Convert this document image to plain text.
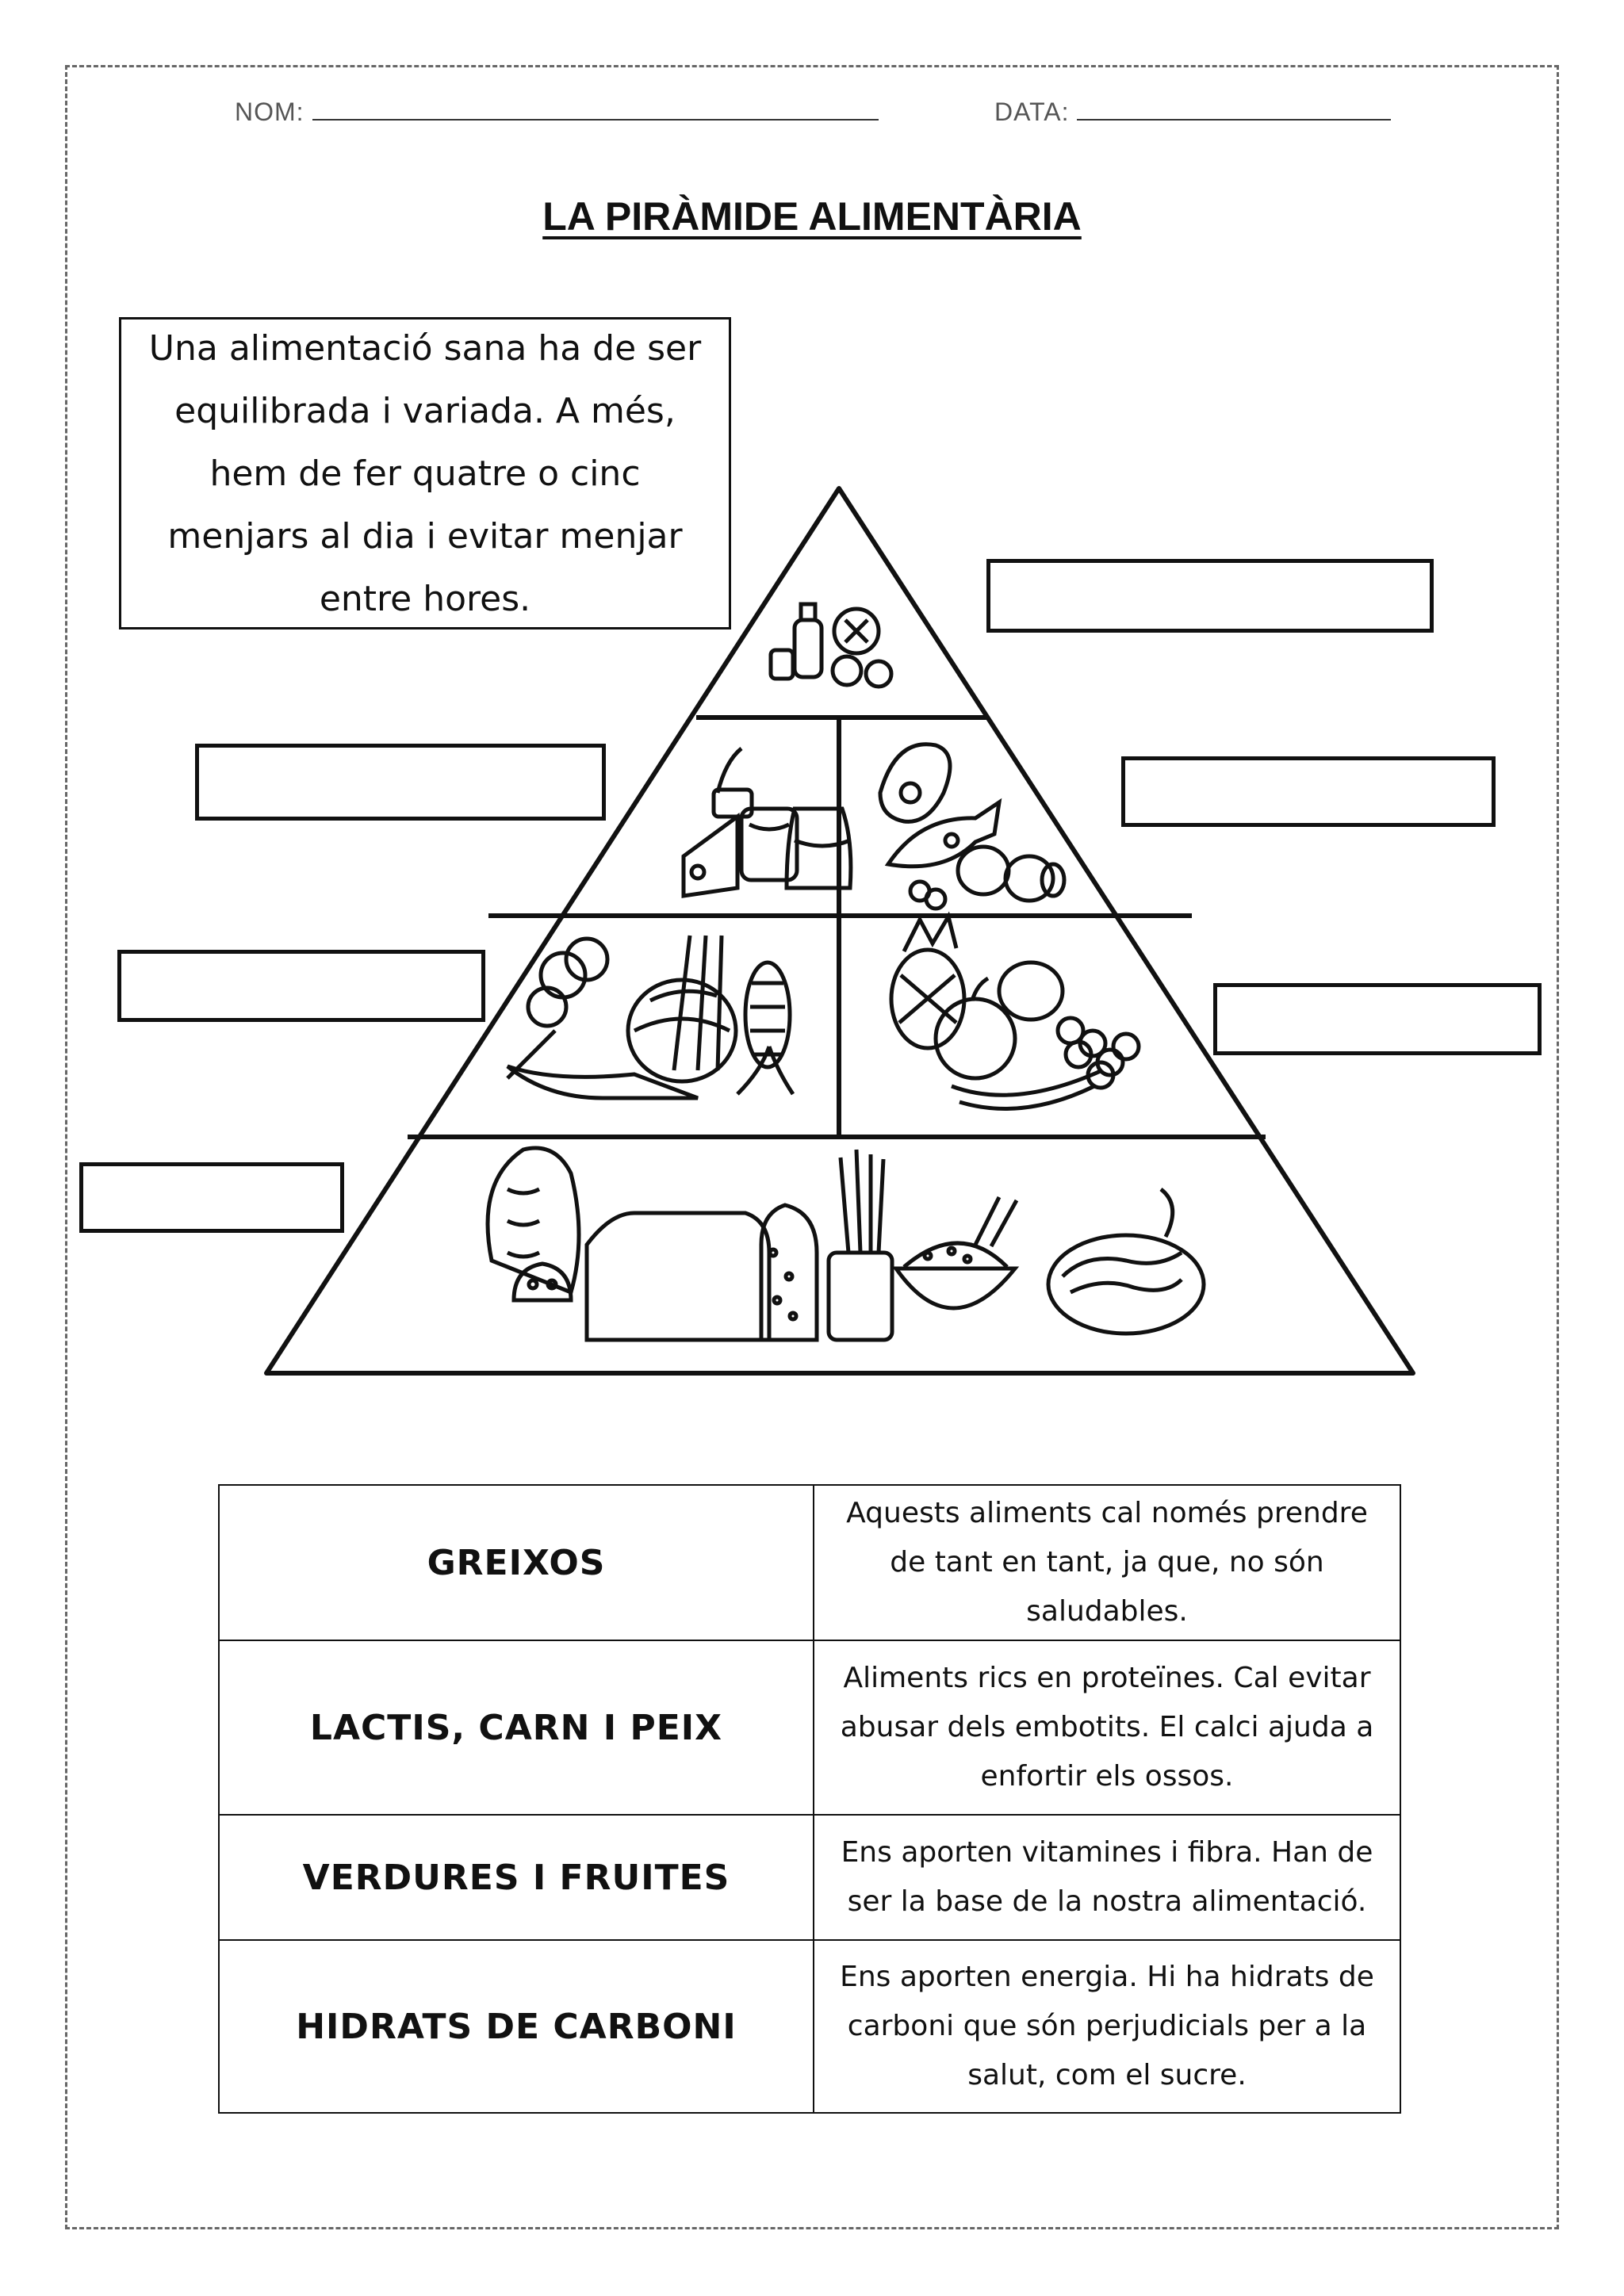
NOM:	DATA:
LA PIRÀMIDE ALIMENTÀRIA
Una alimentació sana ha de ser equilibrada i variada. A més, hem de fer quatre o cinc menjars al dia i evitar menjar entre hores.
GREIXOS	Aquests aliments cal només prendre de tant en tant, ja que, no són saludables.
LACTIS, CARN I PEIX	Aliments rics en proteïnes. Cal evitar abusar dels embotits. El calci ajuda a enfortir els ossos.
VERDURES I FRUITES	Ens aporten vitamines i fibra. Han de ser la base de la nostra alimentació.
HIDRATS DE CARBONI	Ens aporten energia. Hi ha hidrats de carboni que són perjudicials per a la salut, com el sucre.
